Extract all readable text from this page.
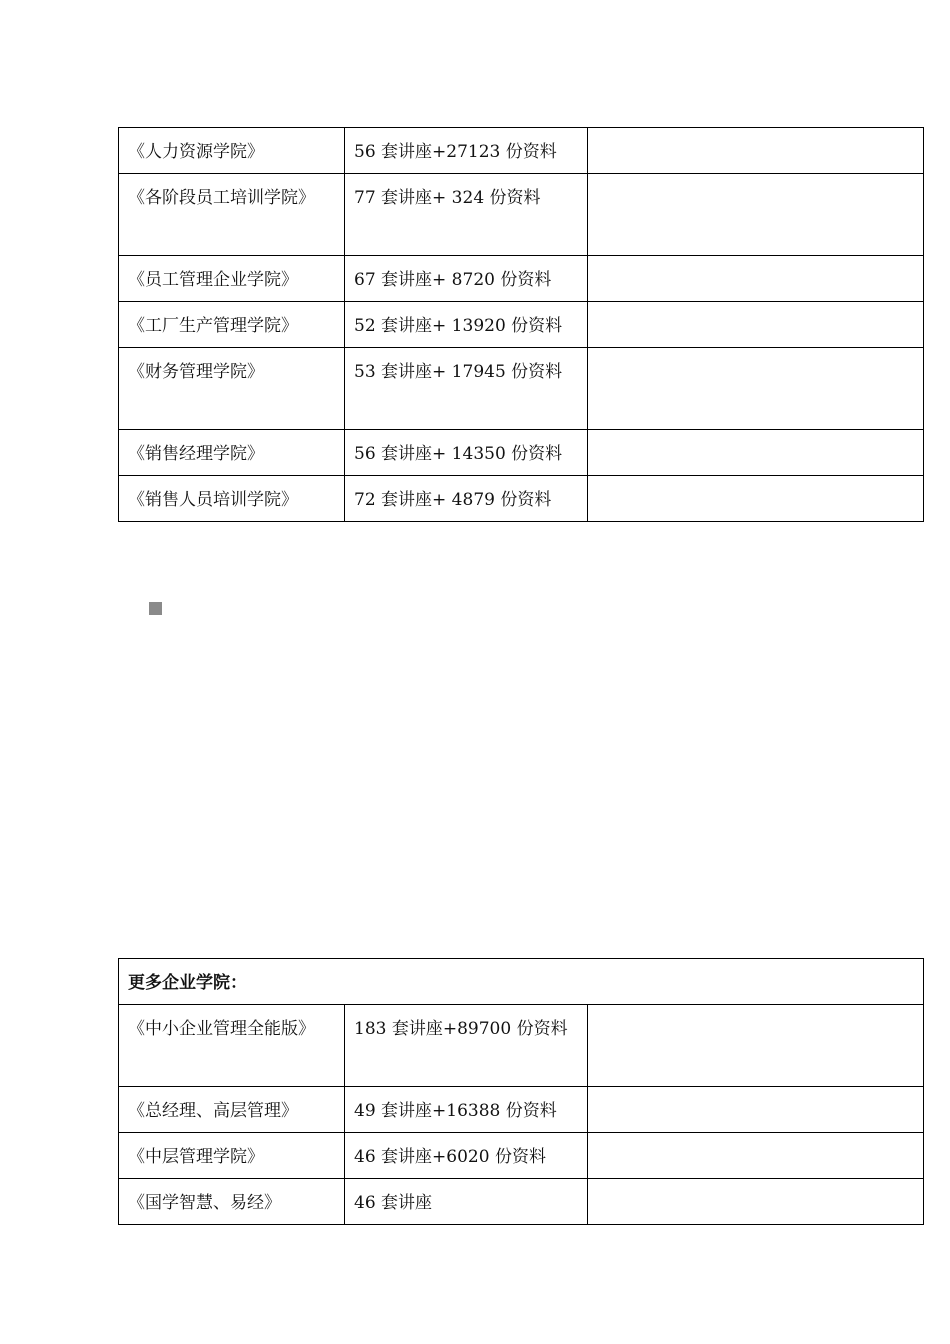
《人力资源学院》	56 套讲座+27123 份资料	
《各阶段员工培训学院》	77 套讲座+ 324 份资料	
《员工管理企业学院》	67 套讲座+ 8720 份资料	
《工厂生产管理学院》	52 套讲座+ 13920 份资料	
《财务管理学院》	53 套讲座+ 17945 份资料	
《销售经理学院》	56 套讲座+ 14350 份资料	
《销售人员培训学院》	72 套讲座+ 4879 份资料	
更多企业学院：		
《中小企业管理全能版》	183 套讲座+89700 份资料	
《总经理、高层管理》	49 套讲座+16388 份资料	
《中层管理学院》	46 套讲座+6020 份资料	
《国学智慧、易经》	46 套讲座	
